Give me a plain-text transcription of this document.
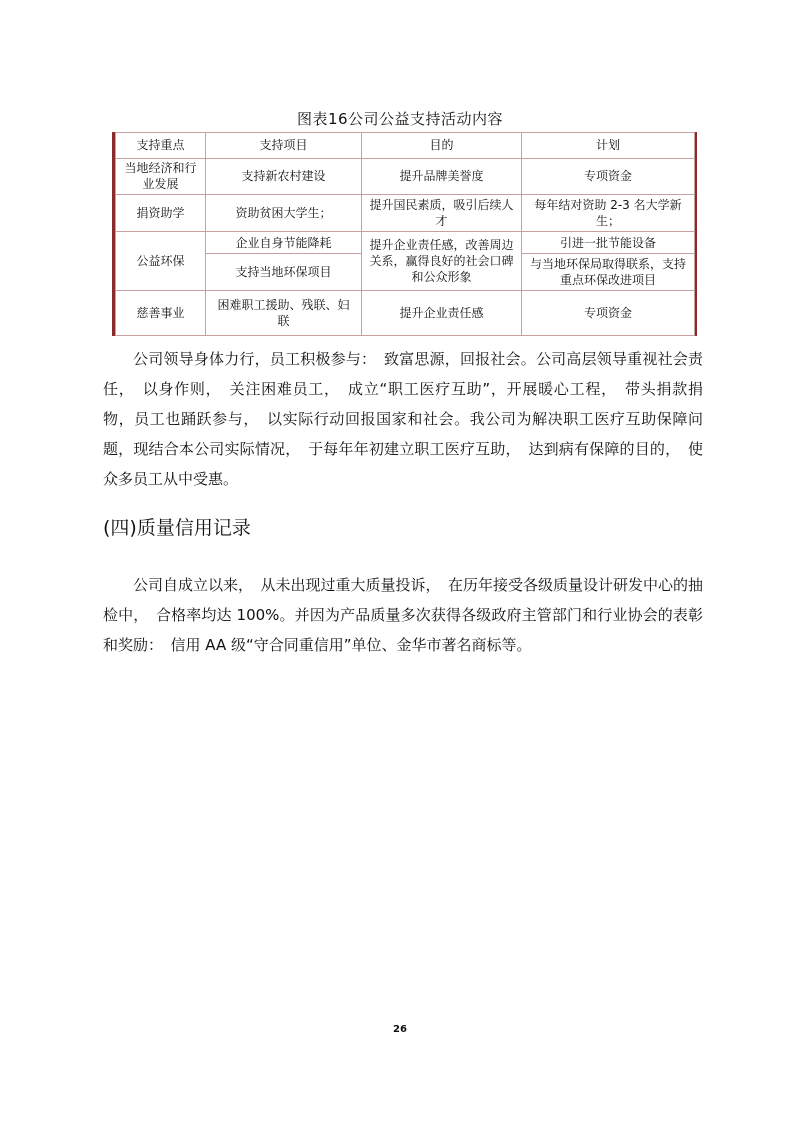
图表16公司公益支持活动内容
支持重点	支持项目	目的	计划
当地经济和行业发展	支持新农村建设	提升品牌美誉度	专项资金
捐资助学	资助贫困大学生；	提升国民素质，吸引后续人才	每年结对资助 2-3 名大学新生；
公益环保	企业自身节能降耗	提升企业责任感，改善周边关系，赢得良好的社会口碑和公众形象	引进一批节能设备
	支持当地环保项目		与当地环保局取得联系，支持重点环保改进项目
慈善事业	困难职工援助、残联、妇联	提升企业责任感	专项资金
公司领导身体力行，员工积极参与：　致富思源，回报社会。公司高层领导重视社会责任，　以身作则，　关注困难员工，　成立“职工医疗互助”，开展暖心工程，　带头捐款捐物，员工也踊跃参与，　以实际行动回报国家和社会。我公司为解决职工医疗互助保障问题，现结合本公司实际情况，　于每年年初建立职工医疗互助，　达到病有保障的目的，　使众多员工从中受惠。
(四)质量信用记录
公司自成立以来，　从未出现过重大质量投诉，　在历年接受各级质量设计研发中心的抽检中，　合格率均达 100%。并因为产品质量多次获得各级政府主管部门和行业协会的表彰和奖励：　信用 AA 级“守合同重信用”单位、金华市著名商标等。
26
